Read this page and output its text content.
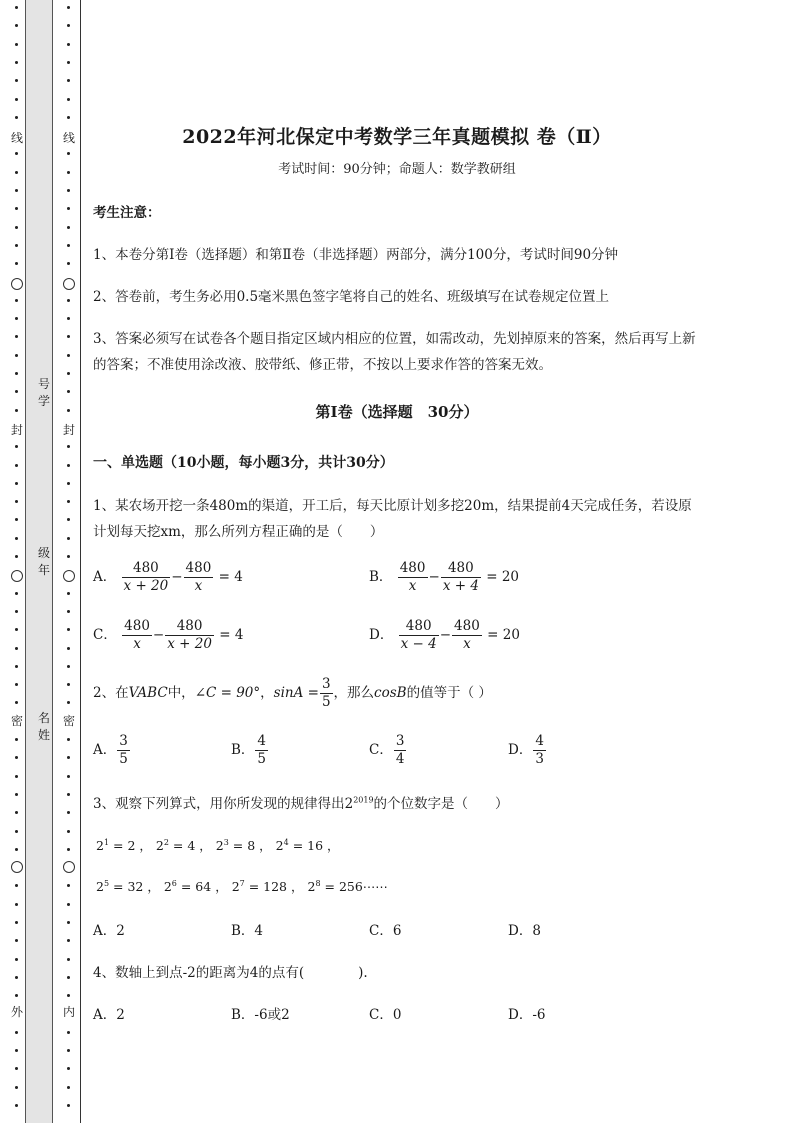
线
封
密
外
线
封
密
内
号学
级年
名姓
2022年河北保定中考数学三年真题模拟 卷（Ⅱ）
考试时间：90分钟；命题人：数学教研组
考生注意：
1、本卷分第I卷（选择题）和第Ⅱ卷（非选择题）两部分，满分100分，考试时间90分钟
2、答卷前，考生务必用0.5毫米黑色签字笔将自己的姓名、班级填写在试卷规定位置上
3、答案必须写在试卷各个题目指定区域内相应的位置，如需改动，先划掉原来的答案，然后再写上新
的答案；不准使用涂改液、胶带纸、修正带，不按以上要求作答的答案无效。
第I卷（选择题　30分）
一、单选题（10小题，每小题3分，共计30分）
1、某农场开挖一条480m的渠道，开工后，每天比原计划多挖20m，结果提前4天完成任务，若设原
计划每天挖xm，那么所列方程正确的是（　　）
A． $\frac{480}{x + 20} - \frac{480}{x} = 4$	B． $\frac{480}{x} - \frac{480}{x + 4} = 20$
C． $\frac{480}{x} - \frac{480}{x + 20} = 4$	D． $\frac{480}{x - 4} - \frac{480}{x} = 20$
2、在VABC中，∠C = 90°，$\sin A = \frac{3}{5}$ ，那么cosB的值等于（ ）
A． $\frac{3}{5}$	B． $\frac{4}{5}$	C． $\frac{3}{4}$	D． $\frac{4}{3}$
3、观察下列算式，用你所发现的规律得出$2^{2019}$的个位数字是（　　）
$2^1 = 2$ ， $2^2 = 4$ ， $2^3 = 8$ ， $2^4 = 16$ ，
$2^5 = 32$ ， $2^6 = 64$ ， $2^7 = 128$ ， $2^8$ = 256⋯⋯
A．2	B．4	C．6	D．8
4、数轴上到点-2的距离为4的点有(　　　　).
A．2	B．-6或2	C．0	D．-6
